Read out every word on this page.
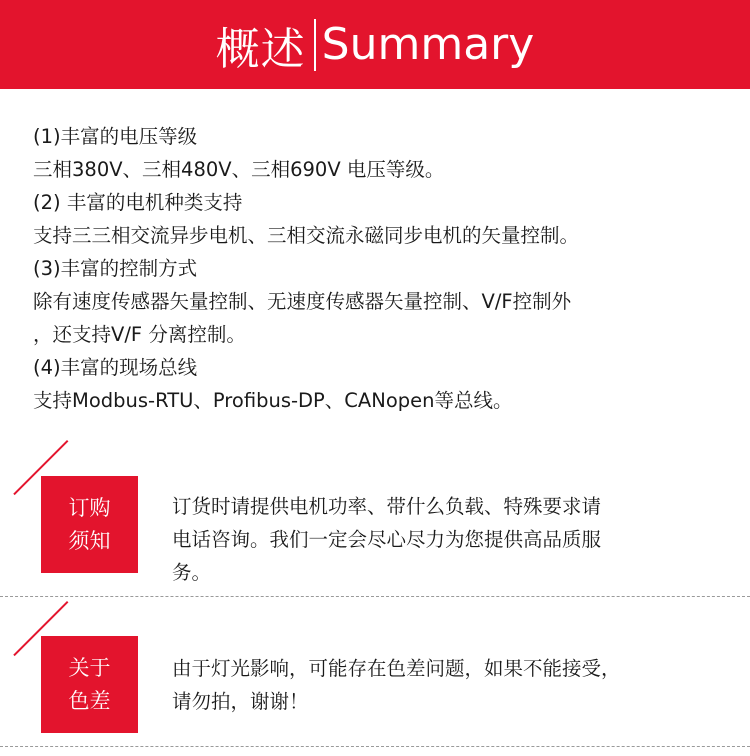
概述 Summary
(1)丰富的电压等级
三相380V、三相480V、三相690V 电压等级。
(2) 丰富的电机种类支持
支持三三相交流异步电机、三相交流永磁同步电机的矢量控制。
(3)丰富的控制方式
除有速度传感器矢量控制、无速度传感器矢量控制、V/F控制外
，还支持V/F 分离控制。
(4)丰富的现场总线
支持Modbus-RTU、Profibus-DP、CANopen等总线。
订购
须知
订货时请提供电机功率、带什么负载、特殊要求请
电话咨询。我们一定会尽心尽力为您提供高品质服
务。
关于
色差
由于灯光影响，可能存在色差问题，如果不能接受，
请勿拍，谢谢！
